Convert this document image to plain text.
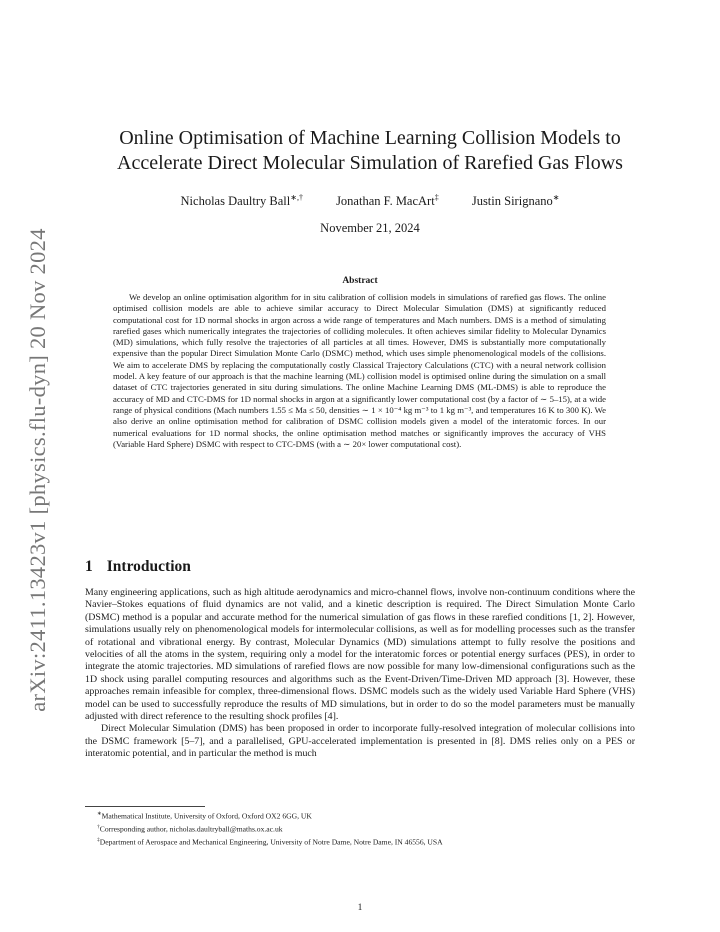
arXiv:2411.13423v1 [physics.flu-dyn] 20 Nov 2024
Online Optimisation of Machine Learning Collision Models to
Accelerate Direct Molecular Simulation of Rarefied Gas Flows
Nicholas Daultry Ball∗,†	Jonathan F. MacArt‡	Justin Sirignano∗
November 21, 2024
Abstract

We develop an online optimisation algorithm for in situ calibration of collision models in simulations of rarefied gas flows. The online optimised collision models are able to achieve similar accuracy to Direct Molecular Simulation (DMS) at significantly reduced computational cost for 1D normal shocks in argon across a wide range of temperatures and Mach numbers. DMS is a method of simulating rarefied gases which numerically integrates the trajectories of colliding molecules. It often achieves similar fidelity to Molecular Dynamics (MD) simulations, which fully resolve the trajectories of all particles at all times. However, DMS is substantially more computationally expensive than the popular Direct Simulation Monte Carlo (DSMC) method, which uses simple phenomenological models of the collisions. We aim to accelerate DMS by replacing the computationally costly Classical Trajectory Calculations (CTC) with a neural network collision model. A key feature of our approach is that the machine learning (ML) collision model is optimised online during the simulation on a small dataset of CTC trajectories generated in situ during simulations. The online Machine Learning DMS (ML-DMS) is able to reproduce the accuracy of MD and CTC-DMS for 1D normal shocks in argon at a significantly lower computational cost (by a factor of ∼ 5–15), at a wide range of physical conditions (Mach numbers 1.55 ≤ Ma ≤ 50, densities ∼ 1 × 10⁻⁴ kg m⁻³ to 1 kg m⁻³, and temperatures 16 K to 300 K). We also derive an online optimisation method for calibration of DSMC collision models given a model of the interatomic forces. In our numerical evaluations for 1D normal shocks, the online optimisation method matches or significantly improves the accuracy of VHS (Variable Hard Sphere) DSMC with respect to CTC-DMS (with a ∼ 20× lower computational cost).

1 Introduction

Many engineering applications, such as high altitude aerodynamics and micro-channel flows, involve non-continuum conditions where the Navier–Stokes equations of fluid dynamics are not valid, and a kinetic description is required. The Direct Simulation Monte Carlo (DSMC) method is a popular and accurate method for the numerical simulation of gas flows in these rarefied conditions [1, 2]. However, simulations usually rely on phenomenological models for intermolecular collisions, as well as for modelling processes such as the transfer of rotational and vibrational energy. By contrast, Molecular Dynamics (MD) simulations attempt to fully resolve the positions and velocities of all the atoms in the system, requiring only a model for the interatomic forces or potential energy surfaces (PES), in order to integrate the atomic trajectories. MD simulations of rarefied flows are now possible for many low-dimensional configurations such as the 1D shock using parallel computing resources and algorithms such as the Event-Driven/Time-Driven MD approach [3]. However, these approaches remain infeasible for complex, three-dimensional flows. DSMC models such as the widely used Variable Hard Sphere (VHS) model can be used to successfully reproduce the results of MD simulations, but in order to do so the model parameters must be manually adjusted with direct reference to the resulting shock profiles [4].

Direct Molecular Simulation (DMS) has been proposed in order to incorporate fully-resolved integration of molecular collisions into the DSMC framework [5–7], and a parallelised, GPU-accelerated implementation is presented in [8]. DMS relies only on a PES or interatomic potential, and in particular the method is much

∗Mathematical Institute, University of Oxford, Oxford OX2 6GG, UK

†Corresponding author, nicholas.daultryball@maths.ox.ac.uk

‡Department of Aerospace and Mechanical Engineering, University of Notre Dame, Notre Dame, IN 46556, USA

1
